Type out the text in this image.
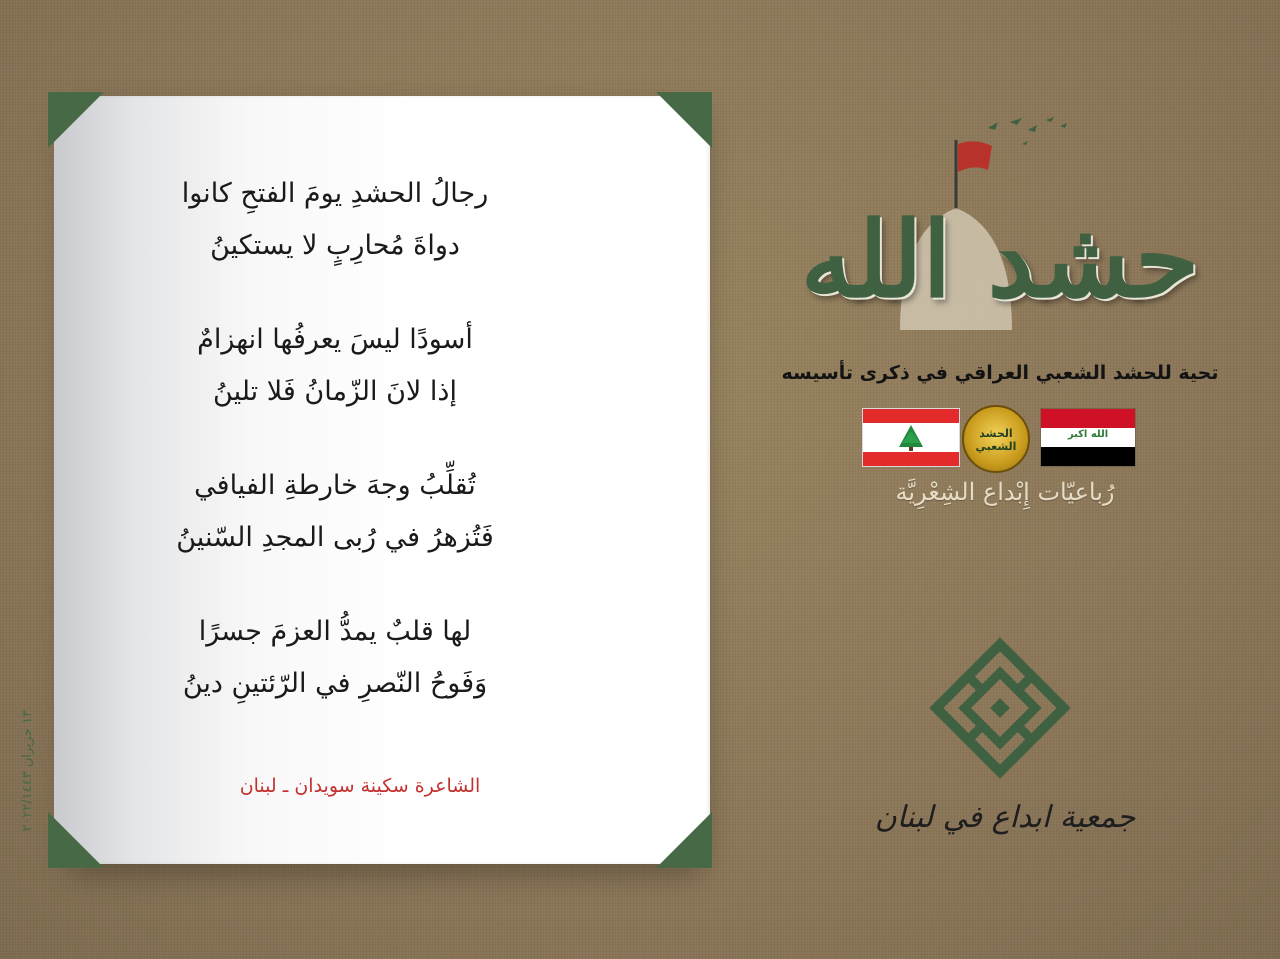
رجالُ الحشدِ يومَ الفتحِ كانوا
دواةَ مُحارِبٍ لا يستكينُ
أسودًا ليسَ يعرفُها انهزامٌ
إذا لانَ الزّمانُ فَلا تلينُ
تُقلِّبُ وجهَ خارطةِ الفيافي
فَتُزهرُ في رُبى المجدِ السّنينُ
لها قلبٌ يمدُّ العزمَ جسرًا
وَفَوحُ النّصرِ في الرّئتينِ دينُ
الشاعرة سكينة سويدان ـ لبنان
١٣ حزيران ٢٠٢٢/١٤٤٣
حشد الله
تحية للحشد الشعبي العراقي في ذكرى تأسيسه
الحشد الشعبي
الله اكبر
رُباعيّات إِبْداع الشِعْرِيَّة
جمعية ابداع في لبنان
